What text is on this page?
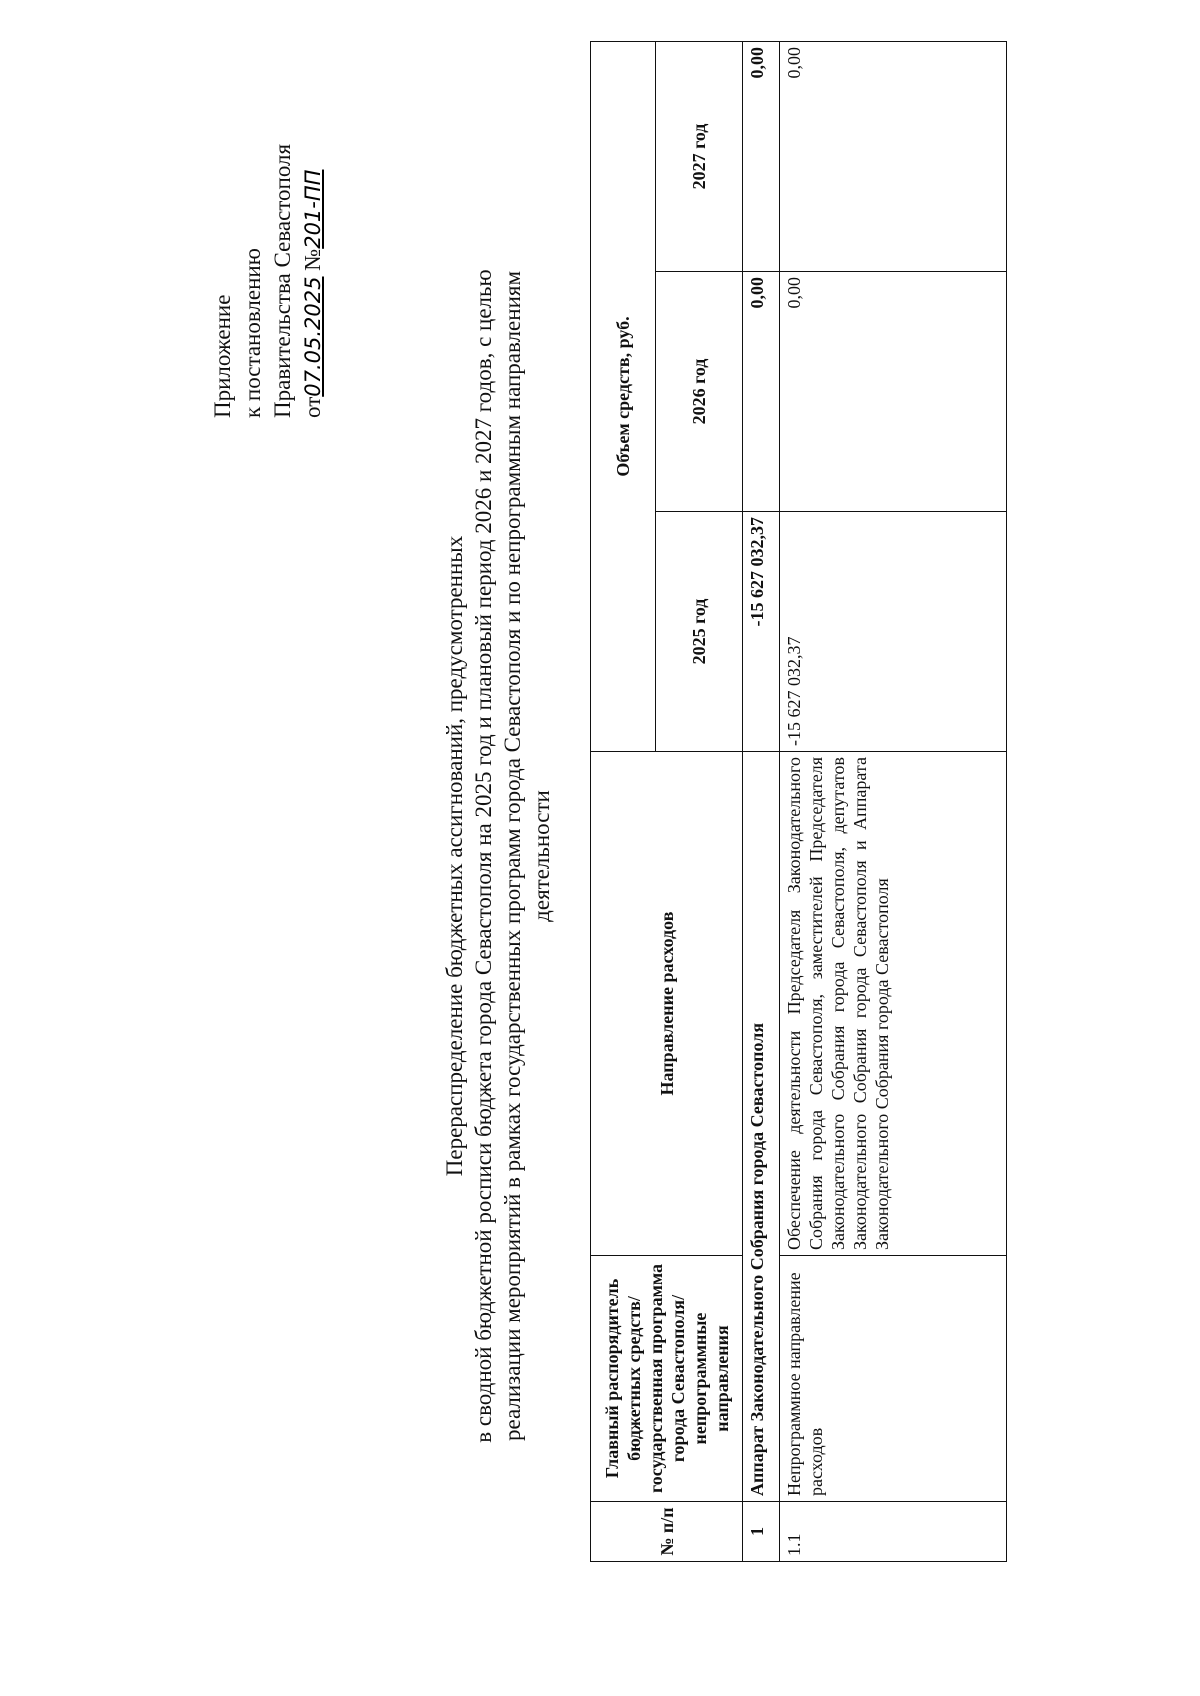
Приложение к постановлению Правительства Севастополя от07.05.2025 №201-ПП
Перераспределение бюджетных ассигнований, предусмотренных в сводной бюджетной росписи бюджета города Севастополя на 2025 год и плановый период 2026 и 2027 годов, с целью реализации мероприятий в рамках государственных программ города Севастополя и по непрограммным направлениям деятельности
№ п/п	Главный распорядитель бюджетных средств/государственная программа города Севастополя/непрограммные направления	Направление расходов	Объем средств, руб.		
			2025 год	2026 год	2027 год
1	Аппарат Законодательного Собрания города Севастополя		-15 627 032,37	0,00	0,00
1.1	Непрограммное направление расходов	Обеспечение деятельности Председателя Законодательного Собрания города Севастополя, заместителей Председателя Законодательного Собрания города Севастополя, депутатов Законодательного Собрания города Севастополя и Аппарата Законодательного Собрания города Севастополя	-15 627 032,37	0,00	0,00
